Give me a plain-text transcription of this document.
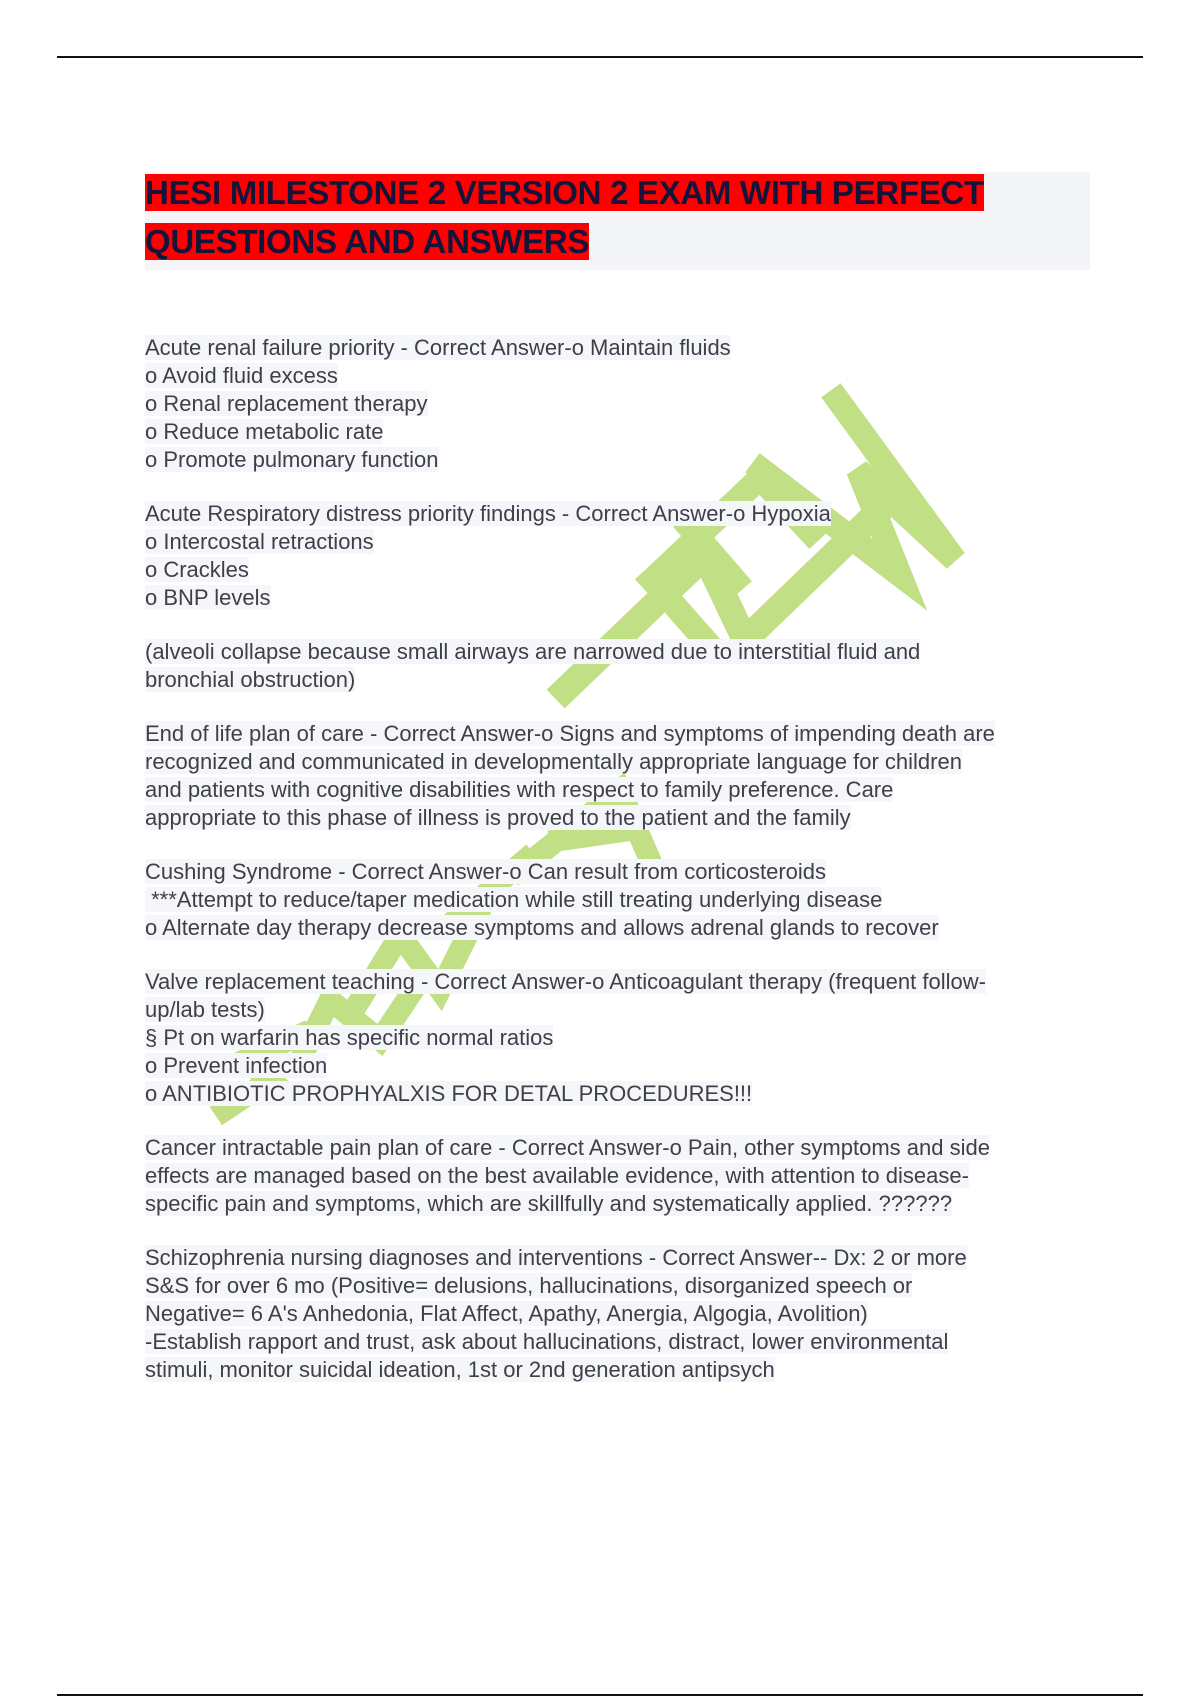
HESI MILESTONE 2 VERSION 2 EXAM WITH PERFECT
QUESTIONS AND ANSWERS
Acute renal failure priority - Correct Answer-o Maintain fluids
o Avoid fluid excess
o Renal replacement therapy
o Reduce metabolic rate
o Promote pulmonary function
Acute Respiratory distress priority findings - Correct Answer-o Hypoxia
o Intercostal retractions
o Crackles
o BNP levels
(alveoli collapse because small airways are narrowed due to interstitial fluid and
bronchial obstruction)
End of life plan of care - Correct Answer-o Signs and symptoms of impending death are
recognized and communicated in developmentally appropriate language for children
and patients with cognitive disabilities with respect to family preference. Care
appropriate to this phase of illness is proved to the patient and the family
Cushing Syndrome - Correct Answer-o Can result from corticosteroids
***Attempt to reduce/taper medication while still treating underlying disease
o Alternate day therapy decrease symptoms and allows adrenal glands to recover
Valve replacement teaching - Correct Answer-o Anticoagulant therapy (frequent follow-
up/lab tests)
§ Pt on warfarin has specific normal ratios
o Prevent infection
o ANTIBIOTIC PROPHYALXIS FOR DETAL PROCEDURES!!!
Cancer intractable pain plan of care - Correct Answer-o Pain, other symptoms and side
effects are managed based on the best available evidence, with attention to disease-
specific pain and symptoms, which are skillfully and systematically applied. ??????
Schizophrenia nursing diagnoses and interventions - Correct Answer-- Dx: 2 or more
S&S for over 6 mo (Positive= delusions, hallucinations, disorganized speech or
Negative= 6 A's Anhedonia, Flat Affect, Apathy, Anergia, Algogia, Avolition)
-Establish rapport and trust, ask about hallucinations, distract, lower environmental
stimuli, monitor suicidal ideation, 1st or 2nd generation antipsych
